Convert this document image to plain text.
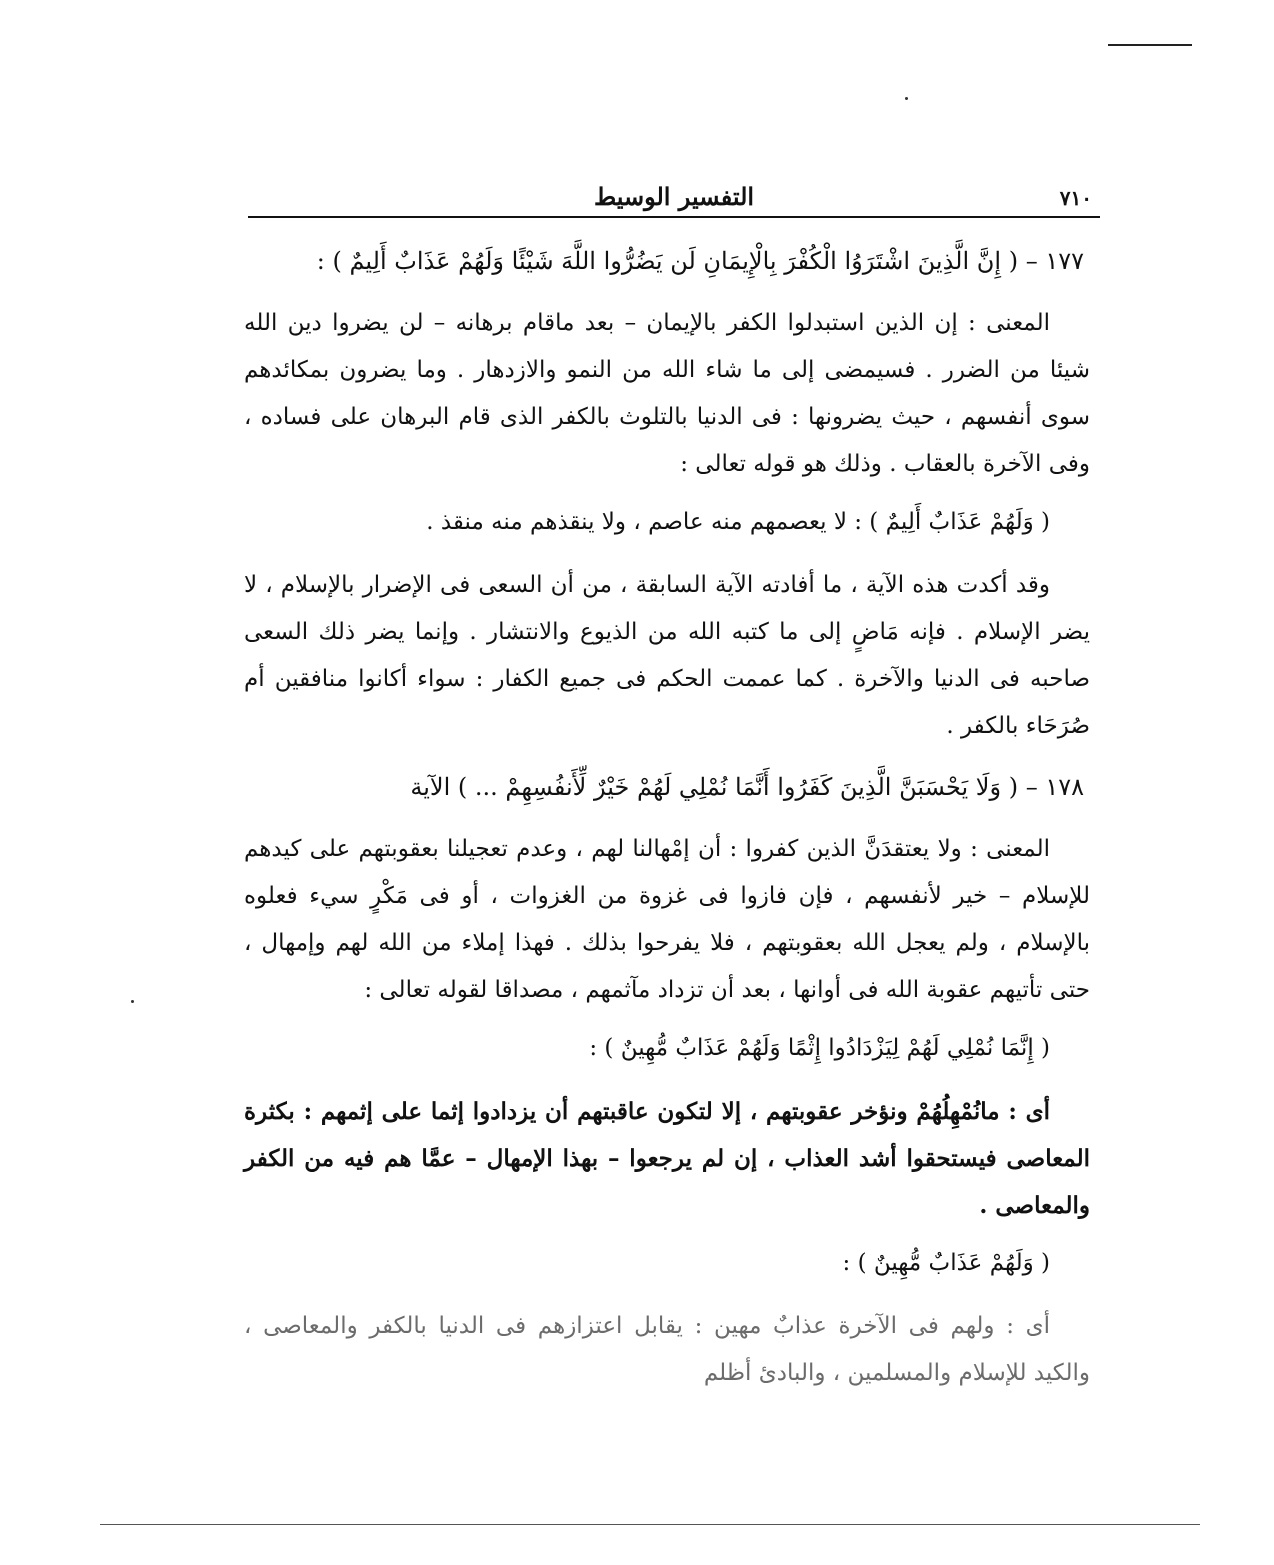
٧١٠
التفسير الوسيط
١٧٧ – ( إِنَّ الَّذِينَ اشْتَرَوُا الْكُفْرَ بِالْإِيمَانِ لَن يَضُرُّوا اللَّهَ شَيْئًا وَلَهُمْ عَذَابٌ أَلِيمٌ ) :

المعنى : إن الذين استبدلوا الكفر بالإيمان – بعد ماقام برهانه – لن يضروا دين الله شيئا من الضرر . فسيمضى إلى ما شاء الله من النمو والازدهار . وما يضرون بمكائدهم سوى أنفسهم ، حيث يضرونها : فى الدنيا بالتلوث بالكفر الذى قام البرهان على فساده ، وفى الآخرة بالعقاب . وذلك هو قوله تعالى :

( وَلَهُمْ عَذَابٌ أَلِيمٌ ) : لا يعصمهم منه عاصم ، ولا ينقذهم منه منقذ .

وقد أكدت هذه الآية ، ما أفادته الآية السابقة ، من أن السعى فى الإضرار بالإسلام ، لا يضر الإسلام . فإنه مَاضٍ إلى ما كتبه الله من الذيوع والانتشار . وإنما يضر ذلك السعى صاحبه فى الدنيا والآخرة . كما عممت الحكم فى جميع الكفار : سواء أكانوا منافقين أم صُرَحَاء بالكفر .

١٧٨ – ( وَلَا يَحْسَبَنَّ الَّذِينَ كَفَرُوا أَنَّمَا نُمْلِي لَهُمْ خَيْرٌ لِّأَنفُسِهِمْ ... ) الآية

المعنى : ولا يعتقدَنَّ الذين كفروا : أن إمْهالنا لهم ، وعدم تعجيلنا بعقوبتهم على كيدهم للإسلام – خير لأنفسهم ، فإن فازوا فى غزوة من الغزوات ، أو فى مَكْرٍ سيء فعلوه بالإسلام ، ولم يعجل الله بعقوبتهم ، فلا يفرحوا بذلك . فهذا إملاء من الله لهم وإمهال ، حتى تأتيهم عقوبة الله فى أوانها ، بعد أن تزداد مآثمهم ، مصداقا لقوله تعالى :

( إِنَّمَا نُمْلِي لَهُمْ لِيَزْدَادُوا إِثْمًا وَلَهُمْ عَذَابٌ مُّهِينٌ ) :

أى : مانُمْهِلُهُمْ ونؤخر عقوبتهم ، إلا لتكون عاقبتهم أن يزدادوا إثما على إثمهم : بكثرة المعاصى فيستحقوا أشد العذاب ، إن لم يرجعوا – بهذا الإمهال – عمَّا هم فيه من الكفر والمعاصى .

( وَلَهُمْ عَذَابٌ مُّهِينٌ ) :

أى : ولهم فى الآخرة عذابٌ مهين : يقابل اعتزازهم فى الدنيا بالكفر والمعاصى ، والكيد للإسلام والمسلمين ، والبادئ أظلم
